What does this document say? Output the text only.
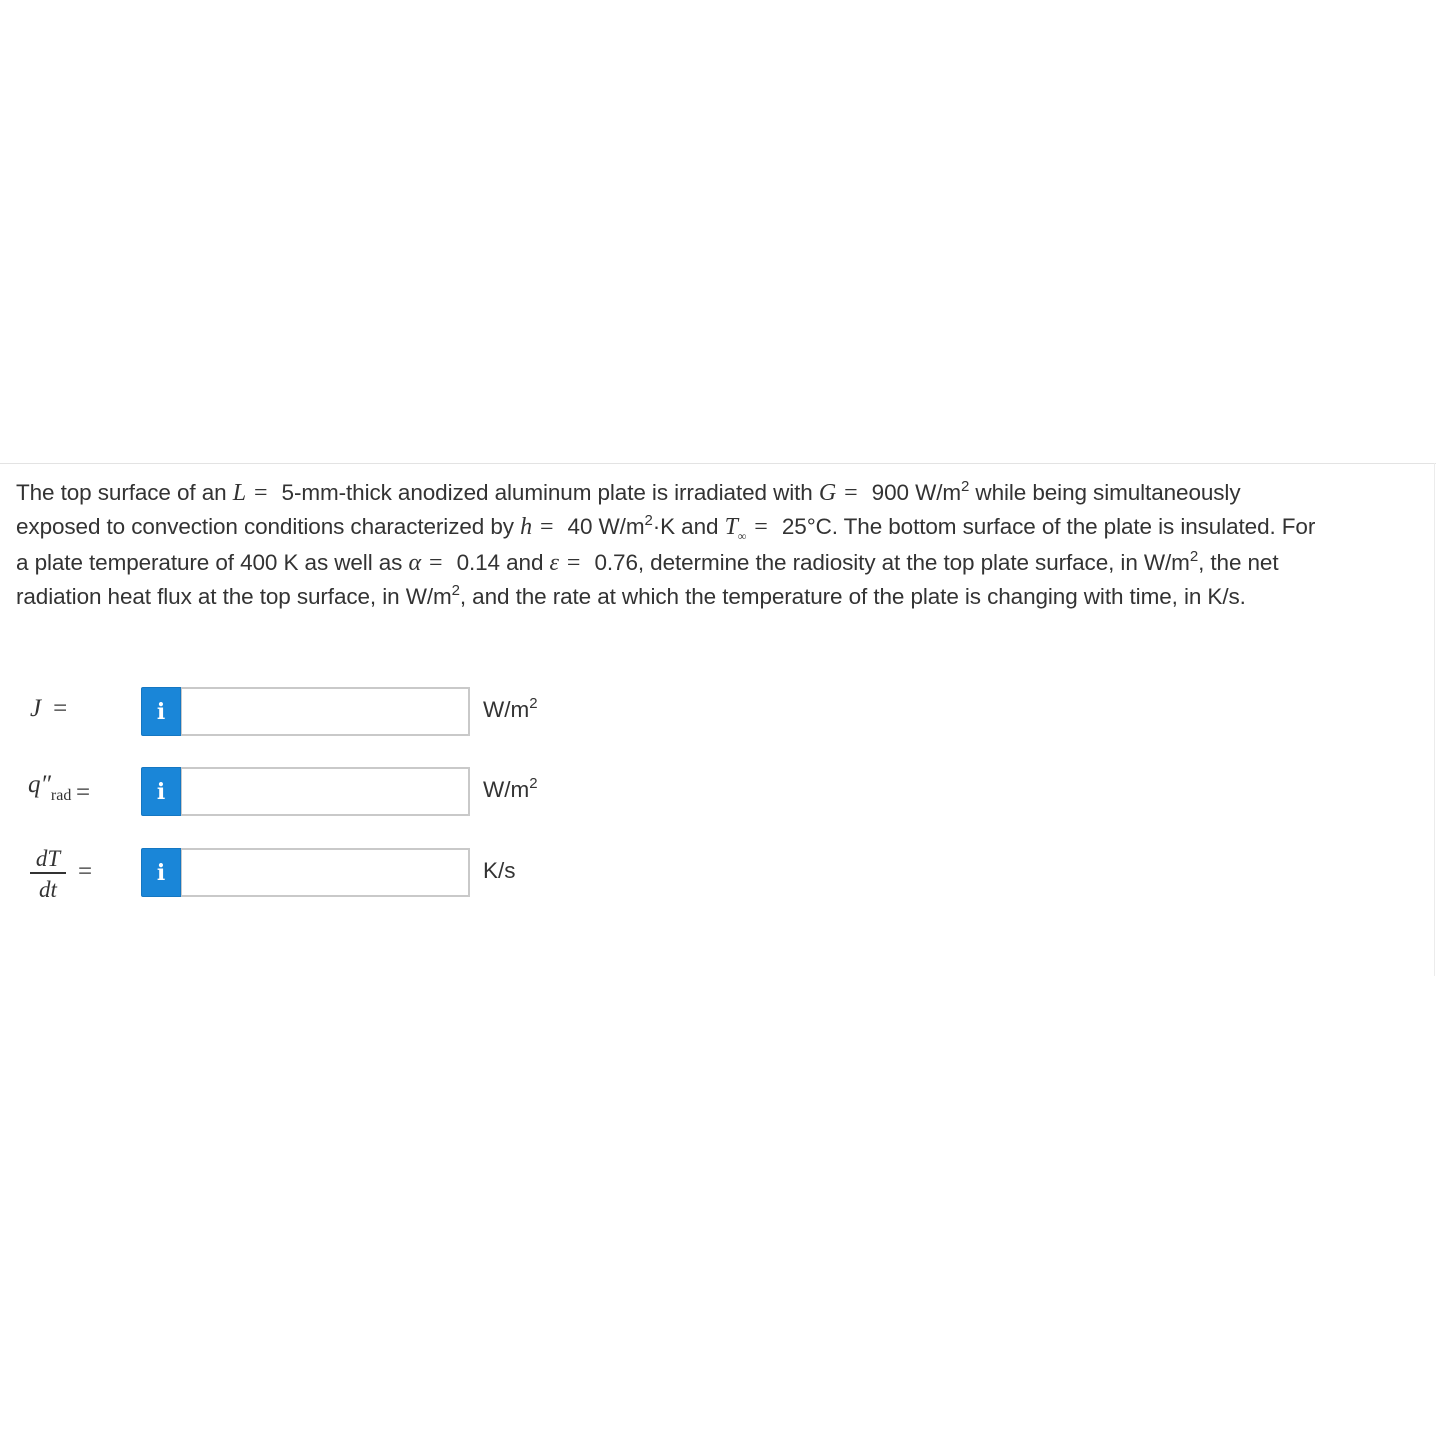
The top surface of an L = 5-mm-thick anodized aluminum plate is irradiated with G = 900 $W/m^2$ while being simultaneously
exposed to convection conditions characterized by h = 40 $W/m^2\cdot K$ and $T_\infty = 25^\circ C$. The bottom surface of the plate is insulated. For
a plate temperature of 400 K as well as α = 0.14 and ε = 0.76, determine the radiosity at the top plate surface, in $W/m^2$, the net
radiation heat flux at the top surface, in $W/m^2$, and the rate at which the temperature of the plate is changing with time, in K/s.
J =	i	$W/m^2$
$q''_{rad}$ =	i	$W/m^2$
dT
dt
=	i	K/s
